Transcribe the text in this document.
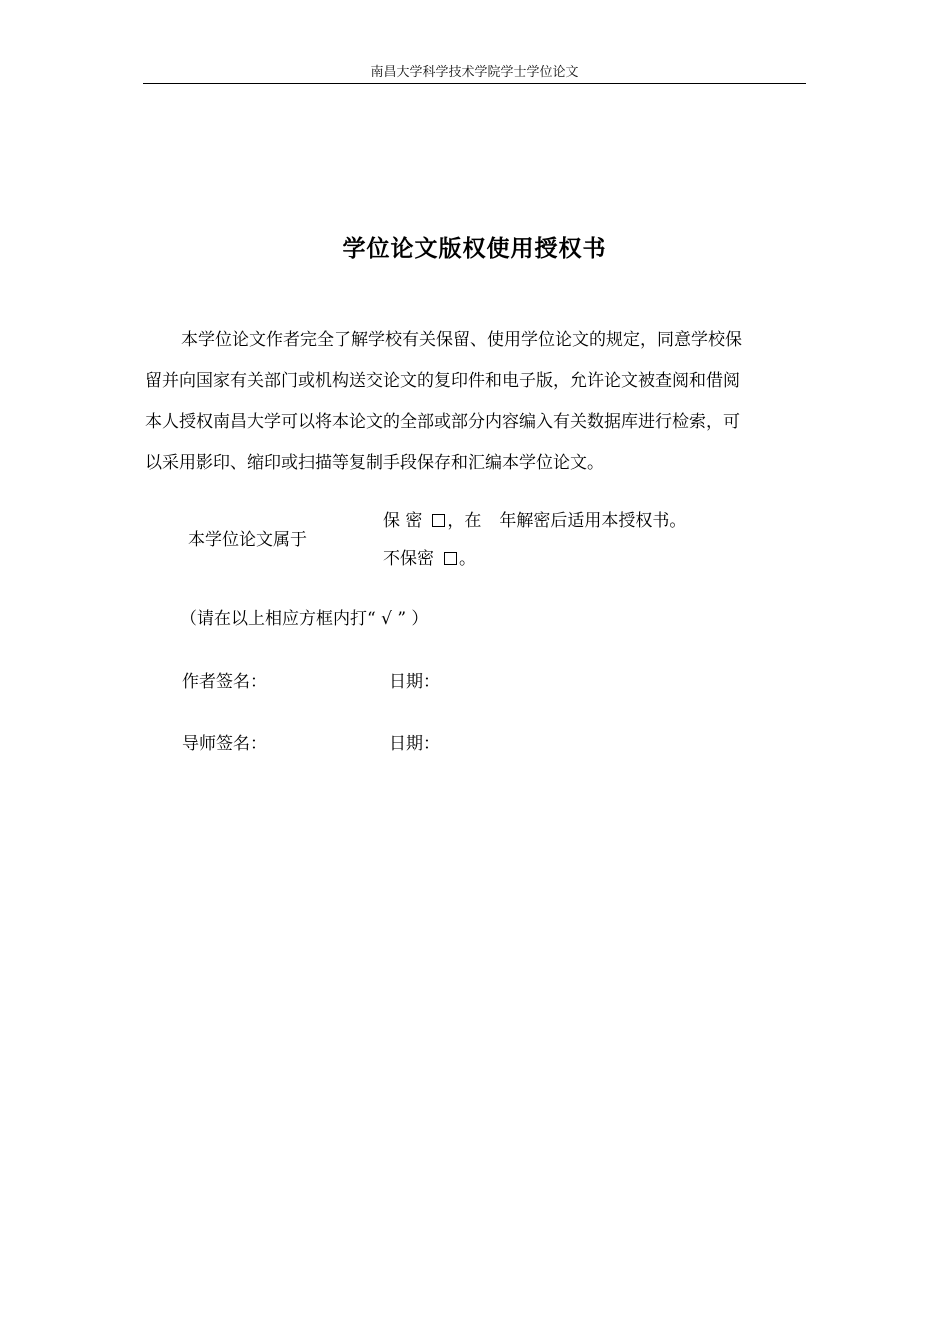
南昌大学科学技术学院学士学位论文
学位论文版权使用授权书
本学位论文作者完全了解学校有关保留、使用学位论文的规定，同意学校保
留并向国家有关部门或机构送交论文的复印件和电子版，允许论文被查阅和借阅
本人授权南昌大学可以将本论文的全部或部分内容编入有关数据库进行检索，可
以采用影印、缩印或扫描等复制手段保存和汇编本学位论文。
本学位论文属于
保 密 ，在 年解密后适用本授权书。
不保密 。
（请在以上相应方框内打“ √ ” ）
作者签名：	日期：
导师签名：	日期：
